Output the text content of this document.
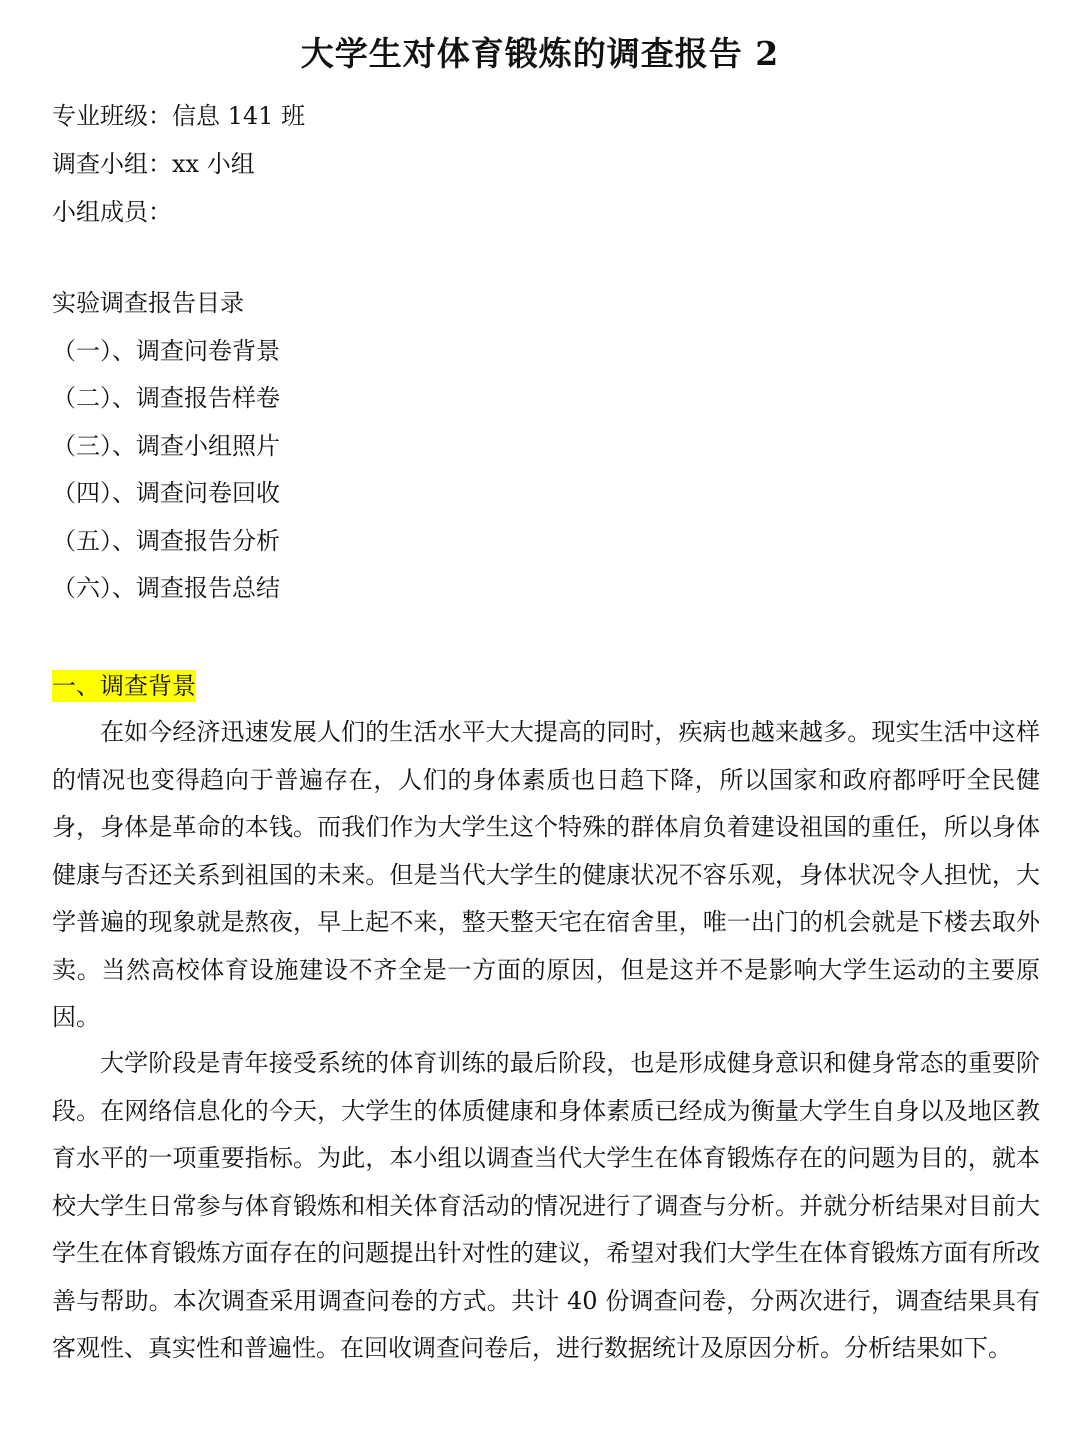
大学生对体育锻炼的调查报告 2
专业班级：信息 141 班
调查小组：xx 小组
小组成员：
实验调查报告目录
（一）、调查问卷背景
（二）、调查报告样卷
（三）、调查小组照片
（四）、调查问卷回收
（五）、调查报告分析
（六）、调查报告总结
一、调查背景

在如今经济迅速发展人们的生活水平大大提高的同时，疾病也越来越多。现实生活中这样的情况也变得趋向于普遍存在，人们的身体素质也日趋下降，所以国家和政府都呼吁全民健身，身体是革命的本钱。而我们作为大学生这个特殊的群体肩负着建设祖国的重任，所以身体健康与否还关系到祖国的未来。但是当代大学生的健康状况不容乐观，身体状况令人担忧，大学普遍的现象就是熬夜，早上起不来，整天整天宅在宿舍里，唯一出门的机会就是下楼去取外卖。当然高校体育设施建设不齐全是一方面的原因，但是这并不是影响大学生运动的主要原因。

大学阶段是青年接受系统的体育训练的最后阶段，也是形成健身意识和健身常态的重要阶段。在网络信息化的今天，大学生的体质健康和身体素质已经成为衡量大学生自身以及地区教育水平的一项重要指标。为此，本小组以调查当代大学生在体育锻炼存在的问题为目的，就本校大学生日常参与体育锻炼和相关体育活动的情况进行了调查与分析。并就分析结果对目前大学生在体育锻炼方面存在的问题提出针对性的建议，希望对我们大学生在体育锻炼方面有所改善与帮助。本次调查采用调查问卷的方式。共计 40 份调查问卷，分两次进行，调查结果具有客观性、真实性和普遍性。在回收调查问卷后，进行数据统计及原因分析。分析结果如下。
